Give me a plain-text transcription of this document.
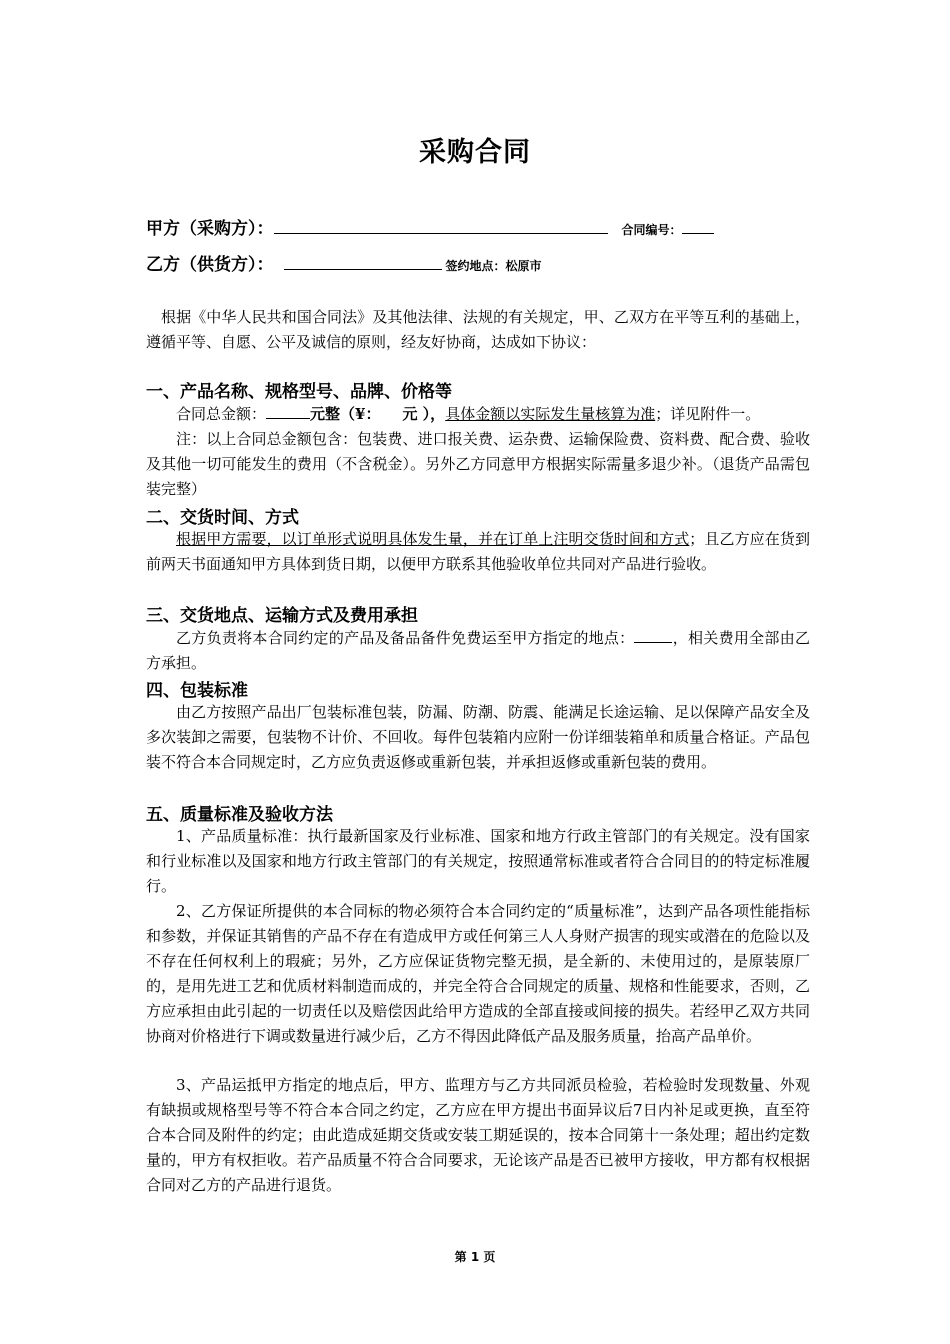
采购合同
甲方（采购方）：	合同编号：
乙方（供货方）：	签约地点：松原市
根据《中华人民共和国合同法》及其他法律、法规的有关规定，甲、乙双方在平等互利的基础上，遵循平等、自愿、公平及诚信的原则，经友好协商，达成如下协议：
一、产品名称、规格型号、品牌、价格等
合同总金额：	元整（¥： 元 ），具体金额以实际发生量核算为准；详见附件一。
注：以上合同总金额包含：包装费、进口报关费、运杂费、运输保险费、资料费、配合费、验收及其他一切可能发生的费用（不含税金）。另外乙方同意甲方根据实际需量多退少补。（退货产品需包装完整）
二、交货时间、方式
根据甲方需要，以订单形式说明具体发生量，并在订单上注明交货时间和方式；且乙方应在货到前两天书面通知甲方具体到货日期，以便甲方联系其他验收单位共同对产品进行验收。
三、交货地点、运输方式及费用承担
乙方负责将本合同约定的产品及备品备件免费运至甲方指定的地点：	，相关费用全部由乙方承担。
四、包装标准
由乙方按照产品出厂包装标准包装，防漏、防潮、防震、能满足长途运输、足以保障产品安全及多次装卸之需要，包装物不计价、不回收。每件包装箱内应附一份详细装箱单和质量合格证。产品包装不符合本合同规定时，乙方应负责返修或重新包装，并承担返修或重新包装的费用。
五、质量标准及验收方法
1、产品质量标准：执行最新国家及行业标准、国家和地方行政主管部门的有关规定。没有国家和行业标准以及国家和地方行政主管部门的有关规定，按照通常标准或者符合合同目的的特定标准履行。
2、乙方保证所提供的本合同标的物必须符合本合同约定的“质量标准”，达到产品各项性能指标和参数，并保证其销售的产品不存在有造成甲方或任何第三人人身财产损害的现实或潜在的危险以及不存在任何权利上的瑕疵；另外，乙方应保证货物完整无损，是全新的、未使用过的，是原装原厂的，是用先进工艺和优质材料制造而成的，并完全符合合同规定的质量、规格和性能要求，否则，乙方应承担由此引起的一切责任以及赔偿因此给甲方造成的全部直接或间接的损失。若经甲乙双方共同协商对价格进行下调或数量进行减少后，乙方不得因此降低产品及服务质量，抬高产品单价。
3、产品运抵甲方指定的地点后，甲方、监理方与乙方共同派员检验，若检验时发现数量、外观有缺损或规格型号等不符合本合同之约定，乙方应在甲方提出书面异议后7日内补足或更换，直至符合本合同及附件的约定；由此造成延期交货或安装工期延误的，按本合同第十一条处理；超出约定数量的，甲方有权拒收。若产品质量不符合合同要求，无论该产品是否已被甲方接收，甲方都有权根据合同对乙方的产品进行退货。
第 1 页
